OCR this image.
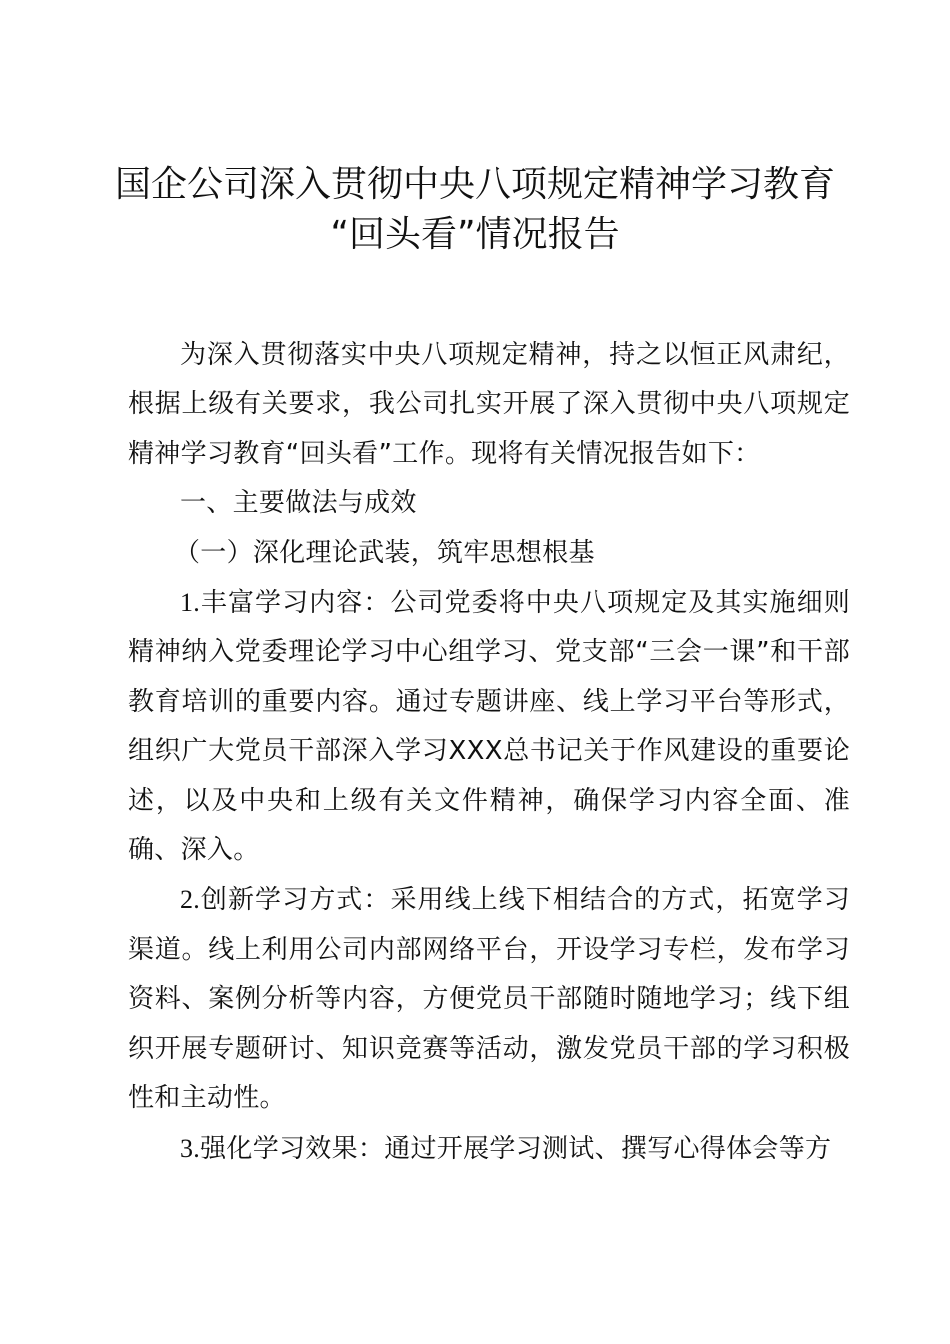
国企公司深入贯彻中央八项规定精神学习教育
“回头看”情况报告

为深入贯彻落实中央八项规定精神，持之以恒正风肃纪，根据上级有关要求，我公司扎实开展了深入贯彻中央八项规定精神学习教育“回头看”工作。现将有关情况报告如下：

一、主要做法与成效

（一）深化理论武装，筑牢思想根基

1.丰富学习内容：公司党委将中央八项规定及其实施细则精神纳入党委理论学习中心组学习、党支部“三会一课”和干部教育培训的重要内容。通过专题讲座、线上学习平台等形式，组织广大党员干部深入学习XXX总书记关于作风建设的重要论述，以及中央和上级有关文件精神，确保学习内容全面、准确、深入。

2.创新学习方式：采用线上线下相结合的方式，拓宽学习渠道。线上利用公司内部网络平台，开设学习专栏，发布学习资料、案例分析等内容，方便党员干部随时随地学习；线下组织开展专题研讨、知识竞赛等活动，激发党员干部的学习积极性和主动性。

3.强化学习效果：通过开展学习测试、撰写心得体会等方
